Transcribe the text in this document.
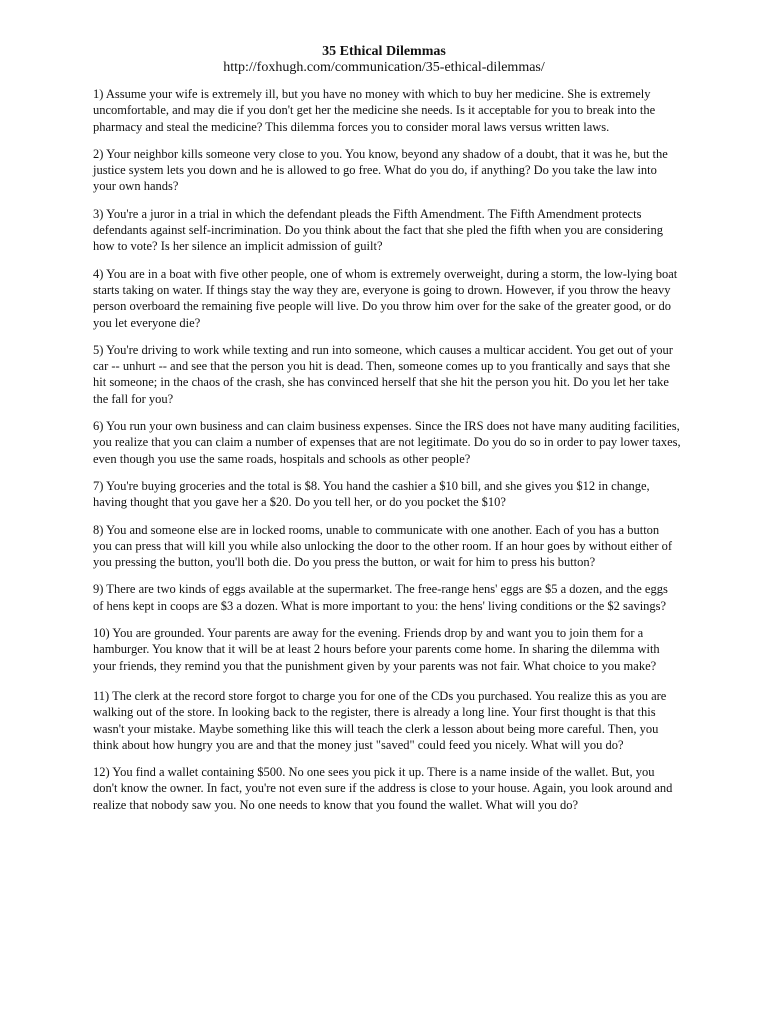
35 Ethical Dilemmas
http://foxhugh.com/communication/35-ethical-dilemmas/

1) Assume your wife is extremely ill, but you have no money with which to buy her medicine. She is extremely uncomfortable, and may die if you don't get her the medicine she needs. Is it acceptable for you to break into the pharmacy and steal the medicine? This dilemma forces you to consider moral laws versus written laws.

2) Your neighbor kills someone very close to you. You know, beyond any shadow of a doubt, that it was he, but the justice system lets you down and he is allowed to go free. What do you do, if anything? Do you take the law into your own hands?

3) You're a juror in a trial in which the defendant pleads the Fifth Amendment. The Fifth Amendment protects defendants against self-incrimination. Do you think about the fact that she pled the fifth when you are considering how to vote? Is her silence an implicit admission of guilt?

4) You are in a boat with five other people, one of whom is extremely overweight, during a storm, the low-lying boat starts taking on water. If things stay the way they are, everyone is going to drown. However, if you throw the heavy person overboard the remaining five people will live. Do you throw him over for the sake of the greater good, or do you let everyone die?

5) You're driving to work while texting and run into someone, which causes a multicar accident. You get out of your car -- unhurt -- and see that the person you hit is dead. Then, someone comes up to you frantically and says that she hit someone; in the chaos of the crash, she has convinced herself that she hit the person you hit. Do you let her take the fall for you?

6) You run your own business and can claim business expenses. Since the IRS does not have many auditing facilities, you realize that you can claim a number of expenses that are not legitimate. Do you do so in order to pay lower taxes, even though you use the same roads, hospitals and schools as other people?

7) You're buying groceries and the total is $8. You hand the cashier a $10 bill, and she gives you $12 in change, having thought that you gave her a $20. Do you tell her, or do you pocket the $10?

8) You and someone else are in locked rooms, unable to communicate with one another. Each of you has a button you can press that will kill you while also unlocking the door to the other room. If an hour goes by without either of you pressing the button, you'll both die. Do you press the button, or wait for him to press his button?

9) There are two kinds of eggs available at the supermarket. The free-range hens' eggs are $5 a dozen, and the eggs of hens kept in coops are $3 a dozen. What is more important to you: the hens' living conditions or the $2 savings?

10) You are grounded. Your parents are away for the evening. Friends drop by and want you to join them for a hamburger. You know that it will be at least 2 hours before your parents come home. In sharing the dilemma with your friends, they remind you that the punishment given by your parents was not fair. What choice to you make?

11) The clerk at the record store forgot to charge you for one of the CDs you purchased. You realize this as you are walking out of the store. In looking back to the register, there is already a long line. Your first thought is that this wasn't your mistake. Maybe something like this will teach the clerk a lesson about being more careful. Then, you think about how hungry you are and that the money just "saved" could feed you nicely. What will you do?

12) You find a wallet containing $500. No one sees you pick it up. There is a name inside of the wallet. But, you don't know the owner. In fact, you're not even sure if the address is close to your house. Again, you look around and realize that nobody saw you. No one needs to know that you found the wallet. What will you do?
